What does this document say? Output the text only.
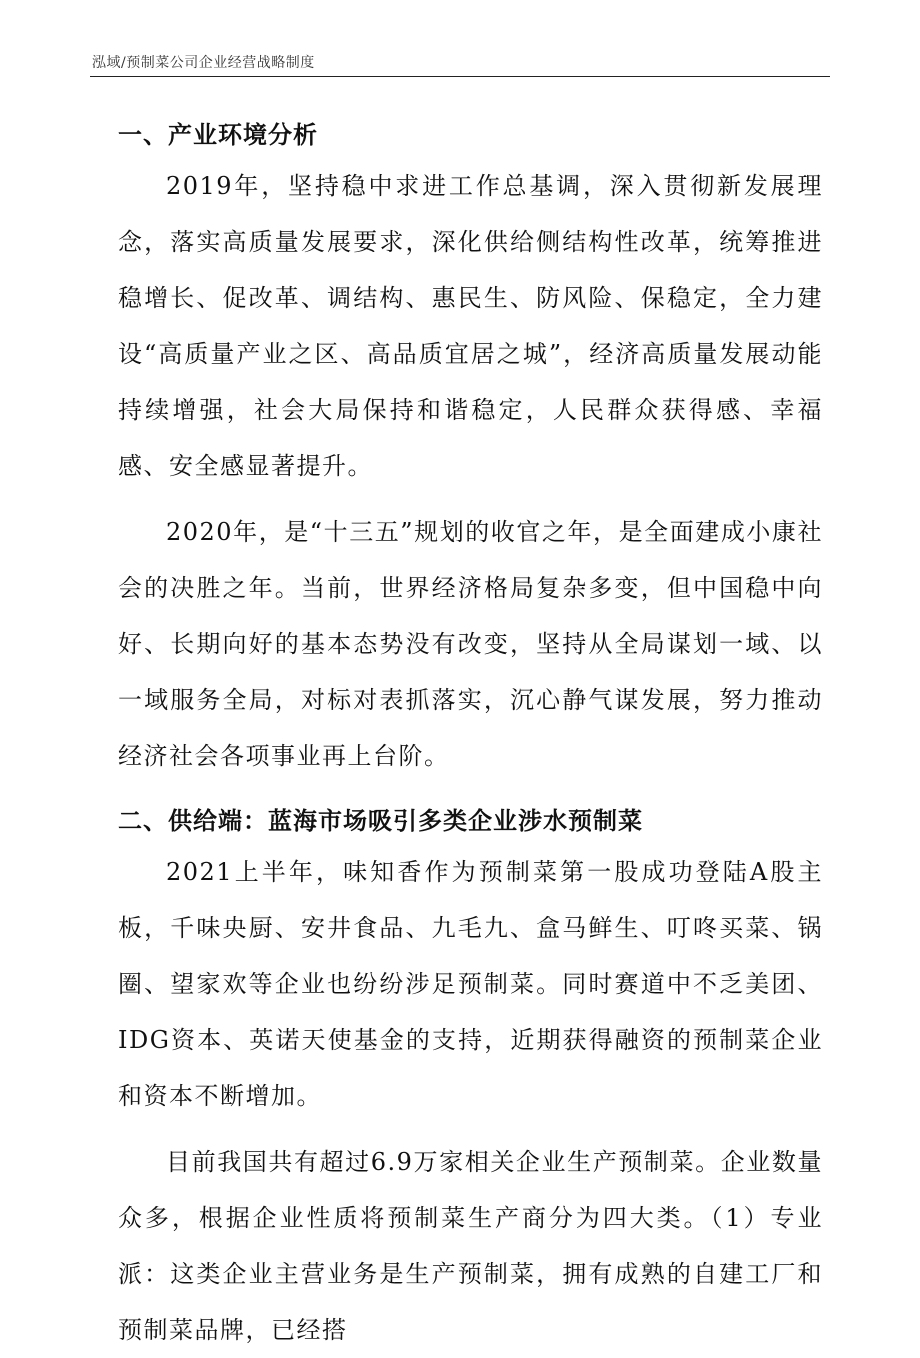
泓域/预制菜公司企业经营战略制度
一、产业环境分析

2019年，坚持稳中求进工作总基调，深入贯彻新发展理念，落实高质量发展要求，深化供给侧结构性改革，统筹推进稳增长、促改革、调结构、惠民生、防风险、保稳定，全力建设“高质量产业之区、高品质宜居之城”，经济高质量发展动能持续增强，社会大局保持和谐稳定，人民群众获得感、幸福感、安全感显著提升。

2020年，是“十三五”规划的收官之年，是全面建成小康社会的决胜之年。当前，世界经济格局复杂多变，但中国稳中向好、长期向好的基本态势没有改变，坚持从全局谋划一域、以一域服务全局，对标对表抓落实，沉心静气谋发展，努力推动经济社会各项事业再上台阶。

二、供给端：蓝海市场吸引多类企业涉水预制菜

2021上半年，味知香作为预制菜第一股成功登陆A股主板，千味央厨、安井食品、九毛九、盒马鲜生、叮咚买菜、锅圈、望家欢等企业也纷纷涉足预制菜。同时赛道中不乏美团、IDG资本、英诺天使基金的支持，近期获得融资的预制菜企业和资本不断增加。

目前我国共有超过6.9万家相关企业生产预制菜。企业数量众多，根据企业性质将预制菜生产商分为四大类。（1）专业派：这类企业主营业务是生产预制菜，拥有成熟的自建工厂和预制菜品牌，已经搭
